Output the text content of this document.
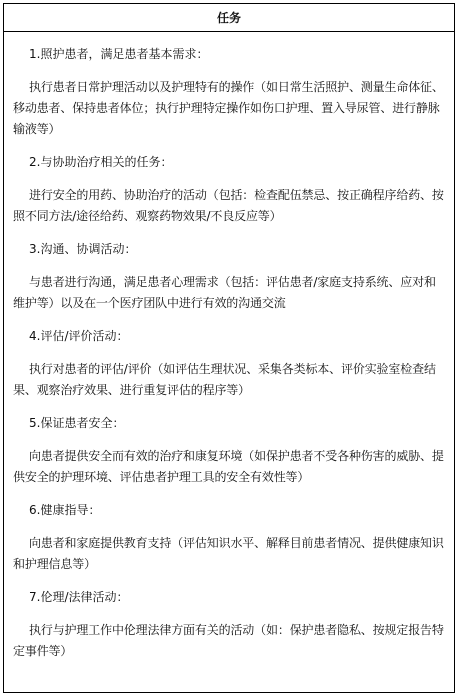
任务
1.照护患者，满足患者基本需求：
执行患者日常护理活动以及护理特有的操作（如日常生活照护、测量生命体征、移动患者、保持患者体位；执行护理特定操作如伤口护理、置入导尿管、进行静脉输液等）
2.与协助治疗相关的任务：
进行安全的用药、协助治疗的活动（包括：检查配伍禁忌、按正确程序给药、按照不同方法/途径给药、观察药物效果/不良反应等）
3.沟通、协调活动：
与患者进行沟通，满足患者心理需求（包括：评估患者/家庭支持系统、应对和维护等）以及在一个医疗团队中进行有效的沟通交流
4.评估/评价活动：
执行对患者的评估/评价（如评估生理状况、采集各类标本、评价实验室检查结果、观察治疗效果、进行重复评估的程序等）
5.保证患者安全：
向患者提供安全而有效的治疗和康复环境（如保护患者不受各种伤害的威胁、提供安全的护理环境、评估患者护理工具的安全有效性等）
6.健康指导：
向患者和家庭提供教育支持（评估知识水平、解释目前患者情况、提供健康知识和护理信息等）
7.伦理/法律活动：
执行与护理工作中伦理法律方面有关的活动（如：保护患者隐私、按规定报告特定事件等）
